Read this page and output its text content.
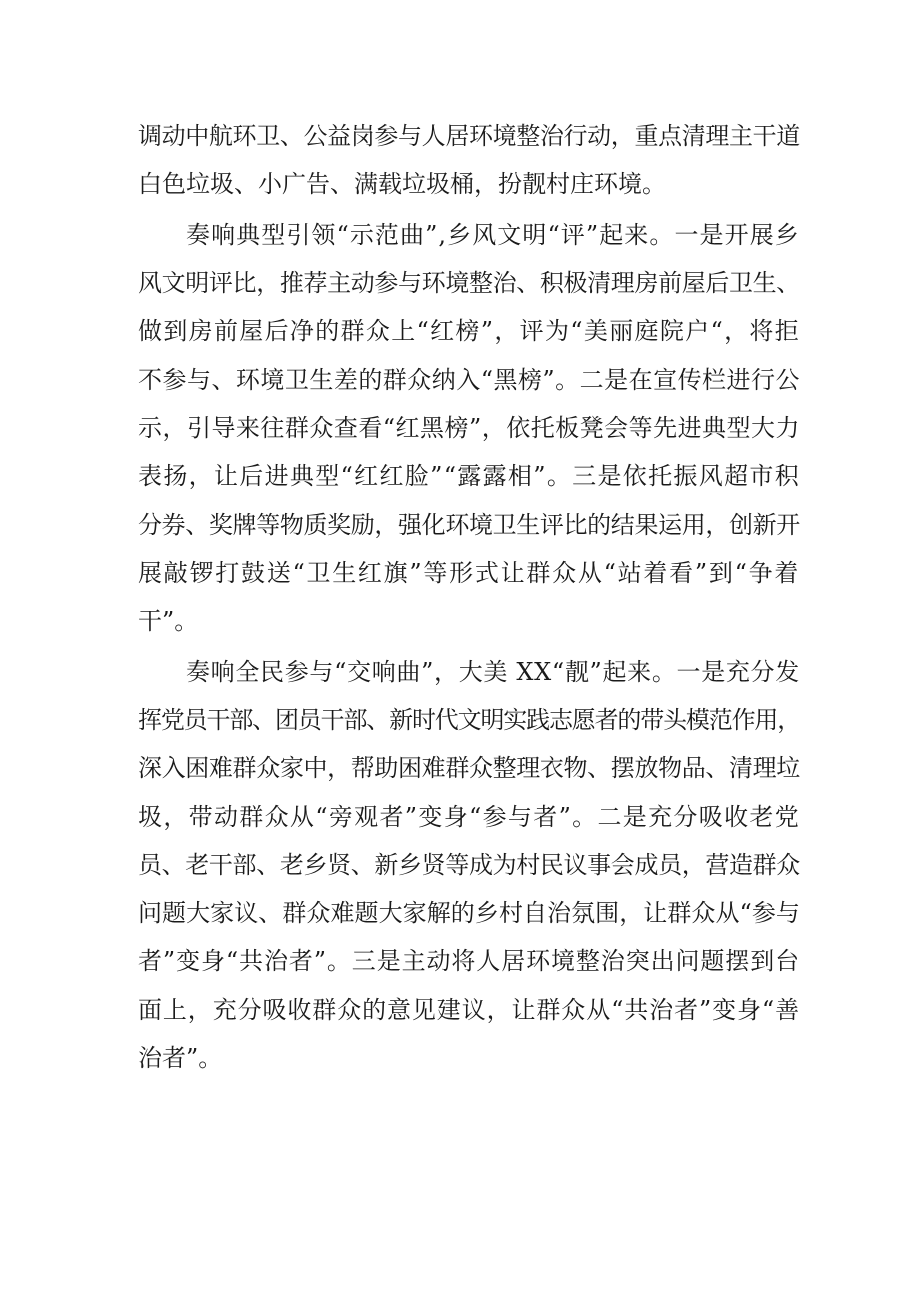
调动中航环卫、公益岗参与人居环境整治行动，重点清理主干道

白色垃圾、小广告、满载垃圾桶，扮靓村庄环境。

奏响典型引领“示范曲”,乡风文明“评”起来。一是开展乡

风文明评比，推荐主动参与环境整治、积极清理房前屋后卫生、

做到房前屋后净的群众上“红榜”，评为“美丽庭院户“，将拒

不参与、环境卫生差的群众纳入“黑榜”。二是在宣传栏进行公

示，引导来往群众查看“红黑榜”，依托板凳会等先进典型大力

表扬，让后进典型“红红脸”“露露相”。三是依托振风超市积

分券、奖牌等物质奖励，强化环境卫生评比的结果运用，创新开

展敲锣打鼓送“卫生红旗”等形式让群众从“站着看”到“争着

干”。

奏响全民参与“交响曲”，大美 XX“靓”起来。一是充分发

挥党员干部、团员干部、新时代文明实践志愿者的带头模范作用，

深入困难群众家中，帮助困难群众整理衣物、摆放物品、清理垃

圾，带动群众从“旁观者”变身“参与者”。二是充分吸收老党

员、老干部、老乡贤、新乡贤等成为村民议事会成员，营造群众

问题大家议、群众难题大家解的乡村自治氛围，让群众从“参与

者”变身“共治者”。三是主动将人居环境整治突出问题摆到台

面上，充分吸收群众的意见建议，让群众从“共治者”变身“善

治者”。
